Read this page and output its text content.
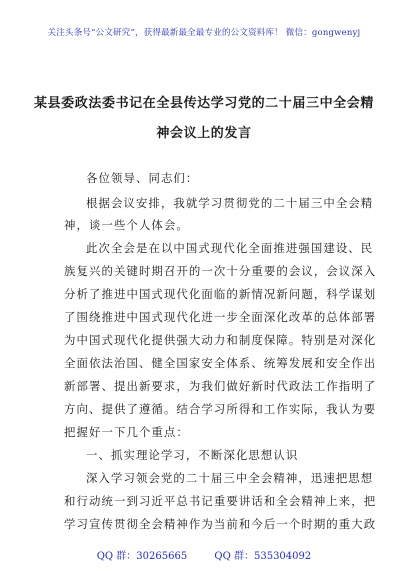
关注头条号“公文研究”，获得最新最全最专业的公文资料库！ 微信：gongwenyj
某县委政法委书记在全县传达学习党的二十届三中全会精
神会议上的发言

各位领导、同志们：

根据会议安排，我就学习贯彻党的二十届三中全会精

神，谈一些个人体会。

此次全会是在以中国式现代化全面推进强国建设、民

族复兴的关键时期召开的一次十分重要的会议，会议深入

分析了推进中国式现代化面临的新情况新问题，科学谋划

了围绕推进中国式现代化进一步全面深化改革的总体部署

为中国式现代化提供强大动力和制度保障。特别是对深化

全面依法治国、健全国家安全体系、统筹发展和安全作出

新部署、提出新要求，为我们做好新时代政法工作指明了

方向、提供了遵循。结合学习所得和工作实际，我认为要

把握好一下几个重点：

一、抓实理论学习，不断深化思想认识

深入学习领会党的二十届三中全会精神，迅速把思想

和行动统一到习近平总书记重要讲话和全会精神上来，把

学习宣传贯彻全会精神作为当前和今后一个时期的重大政

QQ 群：30265665	QQ 群：535304092
